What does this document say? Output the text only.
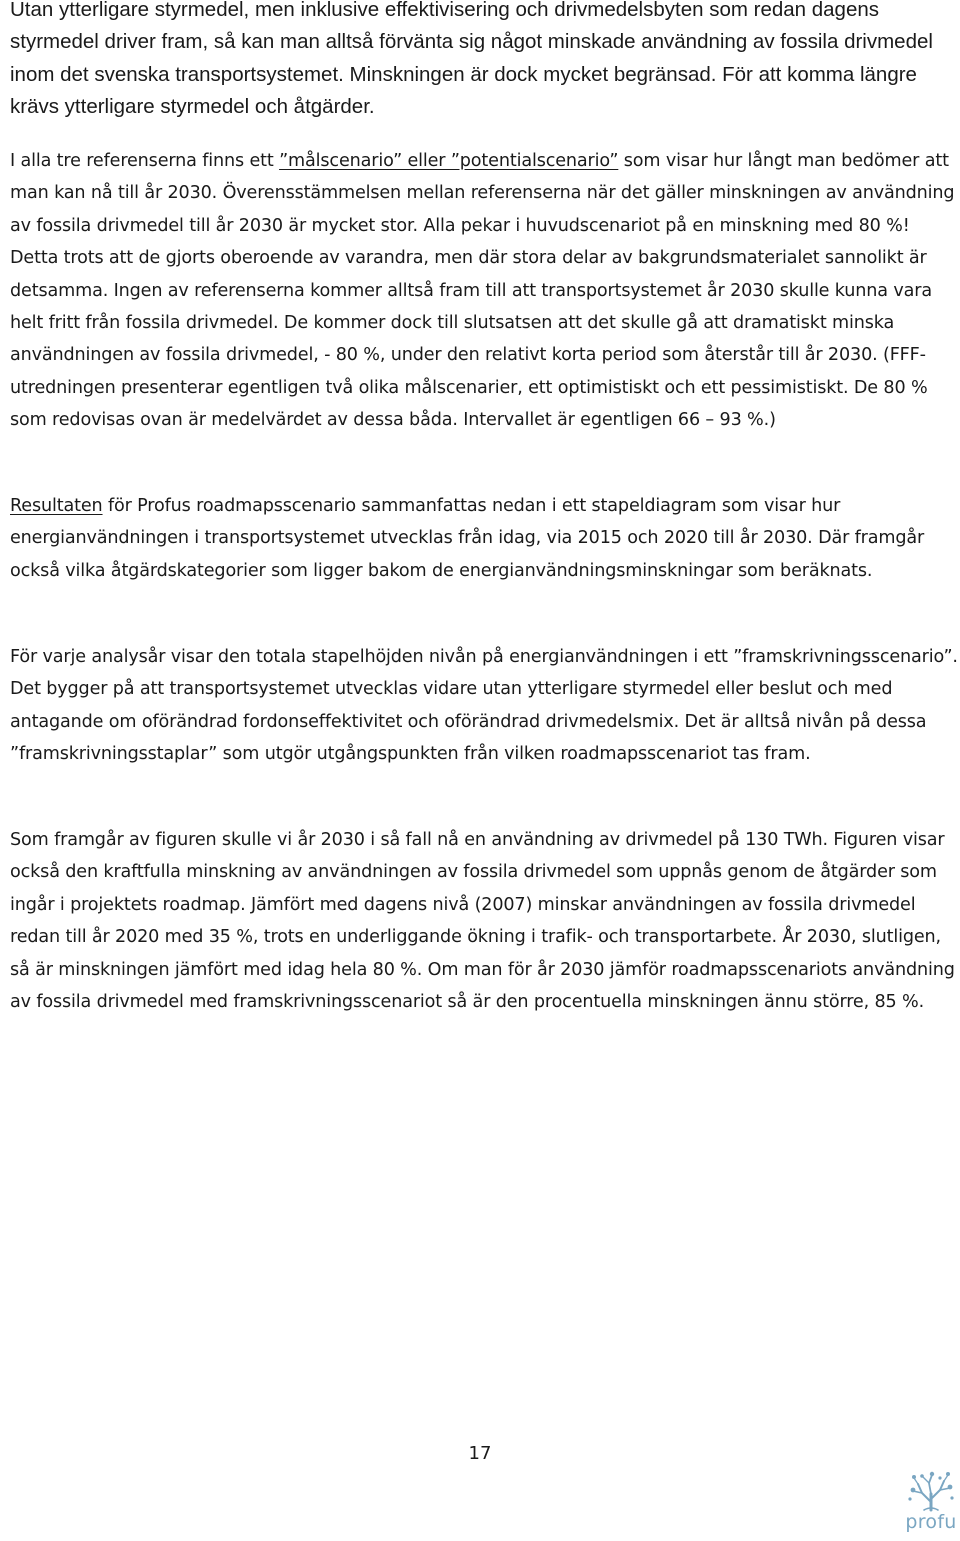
Utan ytterligare styrmedel, men inklusive effektivisering och drivmedelsbyten som redan dagens styrmedel driver fram, så kan man alltså förvänta sig något minskade användning av fossila drivmedel inom det svenska transportsystemet. Minskningen är dock mycket begränsad. För att komma längre krävs ytterligare styrmedel och åtgärder.

I alla tre referenserna finns ett ”målscenario” eller ”potentialscenario” som visar hur långt man bedömer att man kan nå till år 2030. Överensstämmelsen mellan referenserna när det gäller minskningen av användning av fossila drivmedel till år 2030 är mycket stor. Alla pekar i huvudscenariot på en minskning med 80 %! Detta trots att de gjorts oberoende av varandra, men där stora delar av bakgrundsmaterialet sannolikt är detsamma. Ingen av referenserna kommer alltså fram till att transportsystemet år 2030 skulle kunna vara helt fritt från fossila drivmedel. De kommer dock till slutsatsen att det skulle gå att dramatiskt minska användningen av fossila drivmedel, - 80 %, under den relativt korta period som återstår till år 2030. (FFF-utredningen presenterar egentligen två olika målscenarier, ett optimistiskt och ett pessimistiskt. De 80 % som redovisas ovan är medelvärdet av dessa båda. Intervallet är egentligen 66 – 93 %.)

Resultaten för Profus roadmapsscenario sammanfattas nedan i ett stapeldiagram som visar hur energianvändningen i transportsystemet utvecklas från idag, via 2015 och 2020 till år 2030. Där framgår också vilka åtgärdskategorier som ligger bakom de energianvändningsminskningar som beräknats.

För varje analysår visar den totala stapelhöjden nivån på energianvändningen i ett ”framskrivningsscenario”. Det bygger på att transportsystemet utvecklas vidare utan ytterligare styrmedel eller beslut och med antagande om oförändrad fordonseffektivitet och oförändrad drivmedelsmix. Det är alltså nivån på dessa ”framskrivningsstaplar” som utgör utgångspunkten från vilken roadmapsscenariot tas fram.

Som framgår av figuren skulle vi år 2030 i så fall nå en användning av drivmedel på 130 TWh. Figuren visar också den kraftfulla minskning av användningen av fossila drivmedel som uppnås genom de åtgärder som ingår i projektets roadmap. Jämfört med dagens nivå (2007) minskar användningen av fossila drivmedel redan till år 2020 med 35 %, trots en underliggande ökning i trafik- och transportarbete. År 2030, slutligen, så är minskningen jämfört med idag hela 80 %. Om man för år 2030 jämför roadmapsscenariots användning av fossila drivmedel med framskrivningsscenariot så är den procentuella minskningen ännu större, 85 %.

17
profu
